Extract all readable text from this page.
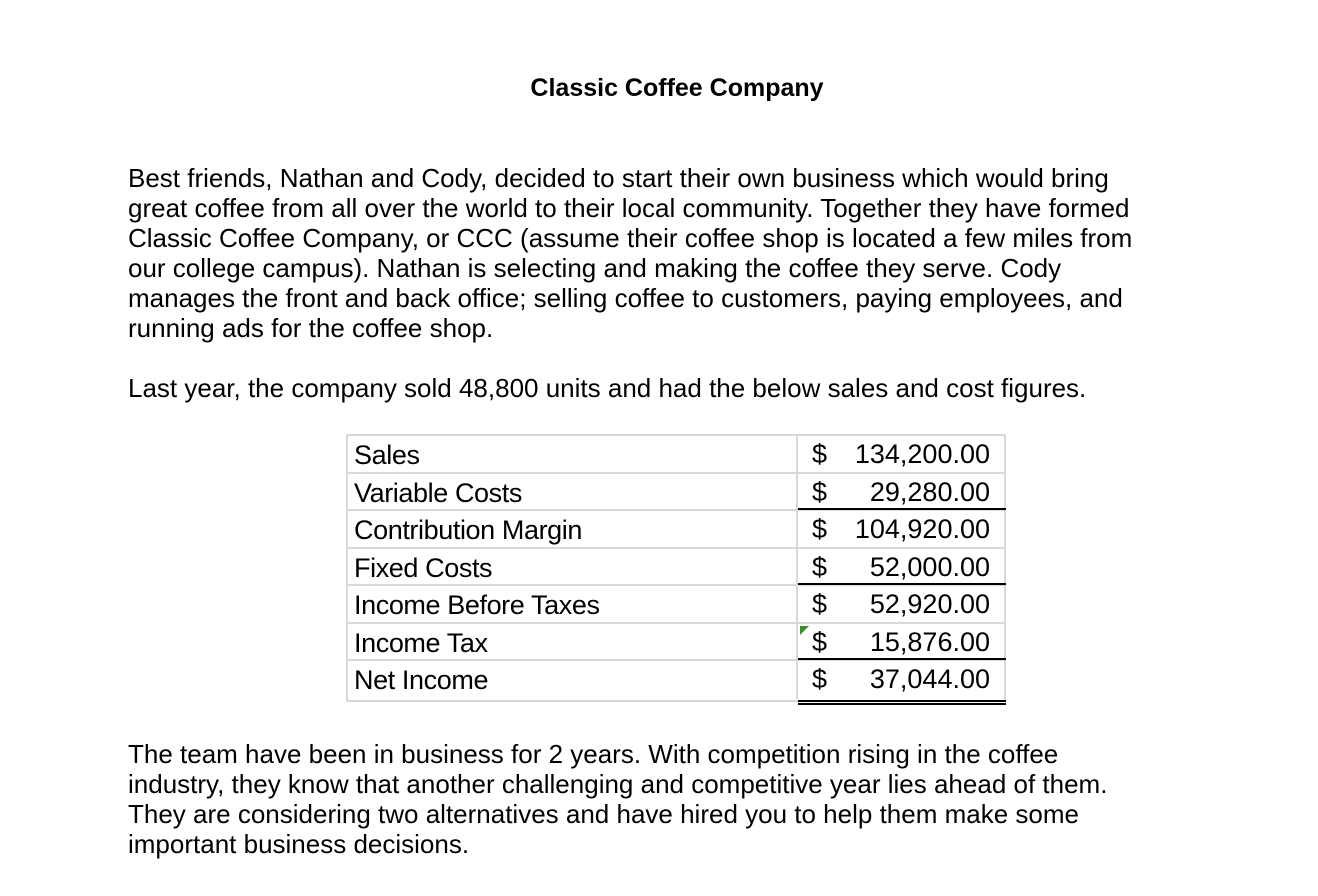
Classic Coffee Company
Best friends, Nathan and Cody, decided to start their own business which would bring
great coffee from all over the world to their local community. Together they have formed
Classic Coffee Company, or CCC (assume their coffee shop is located a few miles from
our college campus). Nathan is selecting and making the coffee they serve. Cody
manages the front and back office; selling coffee to customers, paying employees, and
running ads for the coffee shop.
Last year, the company sold 48,800 units and had the below sales and cost figures.
Sales	$ 134,200.00
Variable Costs	$ 29,280.00
Contribution Margin	$ 104,920.00
Fixed Costs	$ 52,000.00
Income Before Taxes	$ 52,920.00
Income Tax	$ 15,876.00
Net Income	$ 37,044.00
The team have been in business for 2 years. With competition rising in the coffee
industry, they know that another challenging and competitive year lies ahead of them.
They are considering two alternatives and have hired you to help them make some
important business decisions.
